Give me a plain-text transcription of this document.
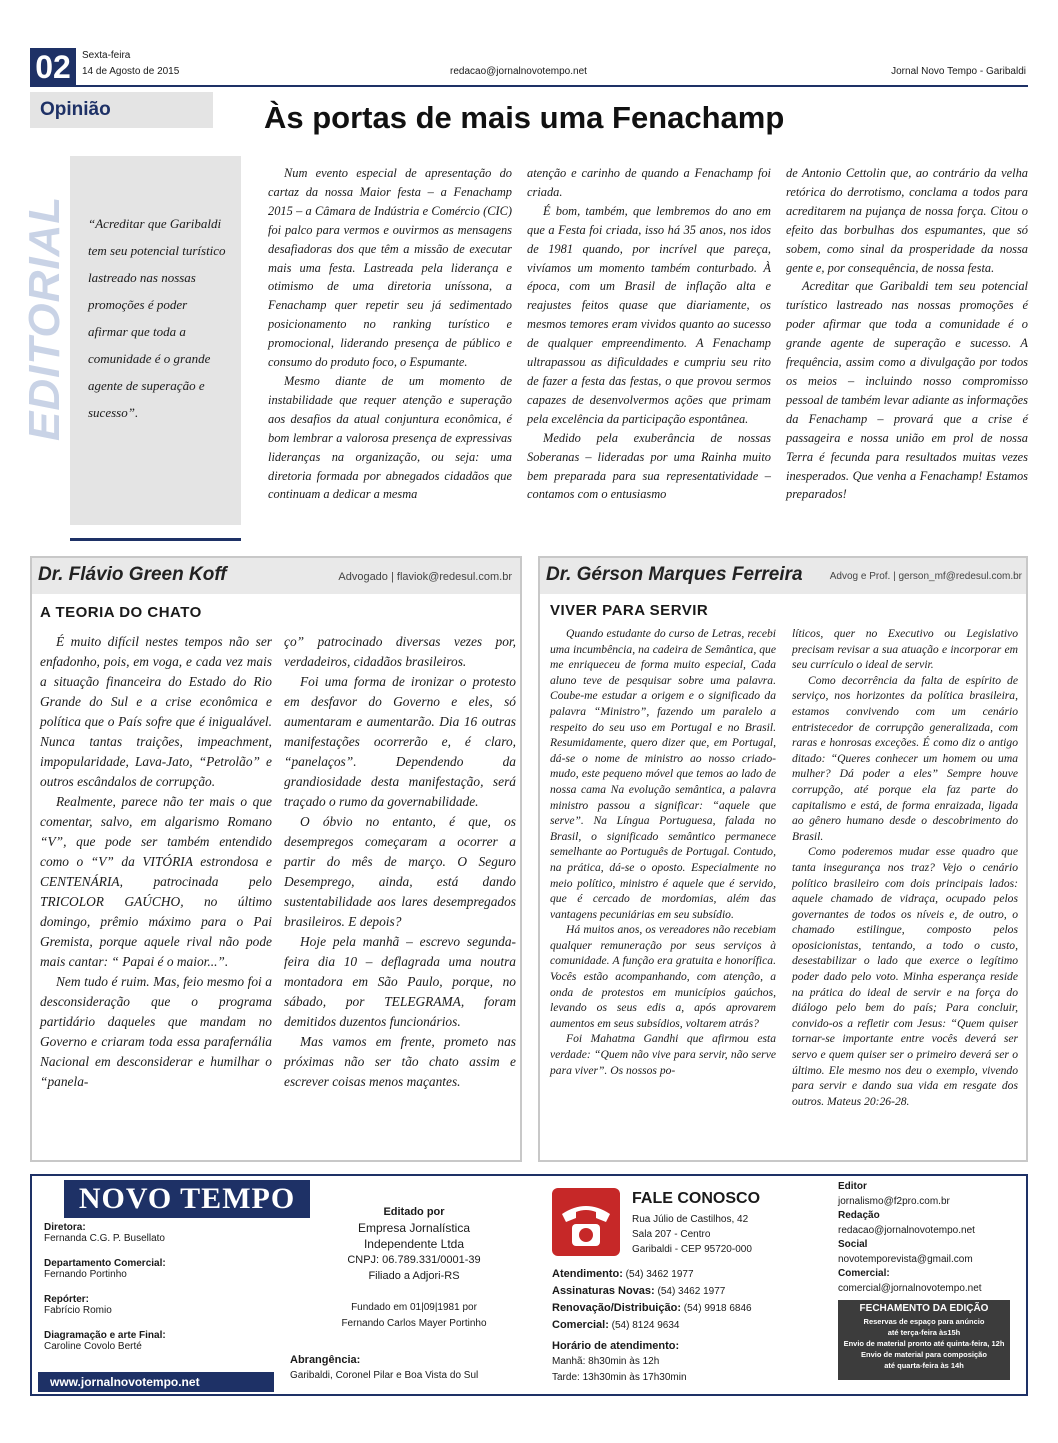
02	Sexta-feira
14 de Agosto de 2015	redacao@jornalnovotempo.net	Jornal Novo Tempo - Garibaldi
Opinião	Às portas de mais uma Fenachamp
EDITORIAL “Acreditar que Garibaldi tem seu potencial turístico lastreado nas nossas promoções é poder afirmar que toda a comunidade é o grande agente de superação e sucesso”.

Num evento especial de apresentação do cartaz da nossa Maior festa – a Fenachamp 2015 – a Câmara de Indústria e Comércio (CIC) foi palco para vermos e ouvirmos as mensagens desafiadoras dos que têm a missão de executar mais uma festa. Lastreada pela liderança e otimismo de uma diretoria uníssona, a Fenachamp quer repetir seu já sedimentado posicionamento no ranking turístico e promocional, liderando presença de público e consumo do produto foco, o Espumante.

Mesmo diante de um momento de instabilidade que requer atenção e superação aos desafios da atual conjuntura econômica, é bom lembrar a valorosa presença de expressivas lideranças na organização, ou seja: uma diretoria formada por abnegados cidadãos que continuam a dedicar a mesma

atenção e carinho de quando a Fenachamp foi criada.

É bom, também, que lembremos do ano em que a Festa foi criada, isso há 35 anos, nos idos de 1981 quando, por incrível que pareça, vivíamos um momento também conturbado. À época, com um Brasil de inflação alta e reajustes feitos quase que diariamente, os mesmos temores eram vividos quanto ao sucesso de qualquer empreendimento. A Fenachamp ultrapassou as dificuldades e cumpriu seu rito de fazer a festa das festas, o que provou sermos capazes de desenvolvermos ações que primam pela excelência da participação espontânea.

Medido pela exuberância de nossas Soberanas – lideradas por uma Rainha muito bem preparada para sua representatividade – contamos com o entusiasmo

de Antonio Cettolin que, ao contrário da velha retórica do derrotismo, conclama a todos para acreditarem na pujança de nossa força. Citou o efeito das borbulhas dos espumantes, que só sobem, como sinal da prosperidade da nossa gente e, por consequência, de nossa festa.

Acreditar que Garibaldi tem seu potencial turístico lastreado nas nossas promoções é poder afirmar que toda a comunidade é o grande agente de superação e sucesso. A frequência, assim como a divulgação por todos os meios – incluindo nosso compromisso pessoal de também levar adiante as informações da Fenachamp – provará que a crise é passageira e nossa união em prol de nossa Terra é fecunda para resultados muitas vezes inesperados. Que venha a Fenachamp! Estamos preparados!

Dr. Flávio Green Koff	Advogado | flaviok@redesul.com.br
A TEORIA DO CHATO

É muito difícil nestes tempos não ser enfadonho, pois, em voga, e cada vez mais a situação financeira do Estado do Rio Grande do Sul e a crise econômica e política que o País sofre que é inigualável. Nunca tantas traições, impeachment, impopularidade, Lava-Jato, “Petrolão” e outros escândalos de corrupção.

Realmente, parece não ter mais o que comentar, salvo, em algarismo Romano “V”, que pode ser também entendido como o “V” da VITÓRIA estrondosa e CENTENÁRIA, patrocinada pelo TRICOLOR GAÚCHO, no último domingo, prêmio máximo para o Pai Gremista, porque aquele rival não pode mais cantar: “ Papai é o maior...”.

Nem tudo é ruim. Mas, feio mesmo foi a desconsideração que o programa partidário daqueles que mandam no Governo e criaram toda essa parafernália Nacional em desconsiderar e humilhar o “panela-

ço” patrocinado diversas vezes por, verdadeiros, cidadãos brasileiros.

Foi uma forma de ironizar o protesto em desfavor do Governo e eles, só aumentaram e aumentarão. Dia 16 outras manifestações ocorrerão e, é claro, “panelaços”. Dependendo da grandiosidade desta manifestação, será traçado o rumo da governabilidade.

O óbvio no entanto, é que, os desempregos começaram a ocorrer a partir do mês de março. O Seguro Desemprego, ainda, está dando sustentabilidade aos lares desempregados brasileiros. E depois?

Hoje pela manhã – escrevo segunda-feira dia 10 – deflagrada uma noutra montadora em São Paulo, porque, no sábado, por TELEGRAMA, foram demitidos duzentos funcionários.

Mas vamos em frente, prometo nas próximas não ser tão chato assim e escrever coisas menos maçantes.

Dr. Gérson Marques Ferreira	Advog e Prof. | gerson_mf@redesul.com.br
VIVER PARA SERVIR

Quando estudante do curso de Letras, recebi uma incumbência, na cadeira de Semântica, que me enriqueceu de forma muito especial, Cada aluno teve de pesquisar sobre uma palavra. Coube-me estudar a origem e o significado da palavra “Ministro”, fazendo um paralelo a respeito do seu uso em Portugal e no Brasil. Resumidamente, quero dizer que, em Portugal, dá-se o nome de ministro ao nosso criado-mudo, este pequeno móvel que temos ao lado de nossa cama Na evolução semântica, a palavra ministro passou a significar: “aquele que serve”. Na Língua Portuguesa, falada no Brasil, o significado semântico permanece semelhante ao Português de Portugal. Contudo, na prática, dá-se o oposto. Especialmente no meio político, ministro é aquele que é servido, que é cercado de mordomias, além das vantagens pecuniárias em seu subsídio.

Há muitos anos, os vereadores não recebiam qualquer remuneração por seus serviços à comunidade. A função era gratuita e honorífica. Vocês estão acompanhando, com atenção, a onda de protestos em municípios gaúchos, levando os seus edis a, após aprovarem aumentos em seus subsídios, voltarem atrás?

Foi Mahatma Gandhi que afirmou esta verdade: “Quem não vive para servir, não serve para viver”. Os nossos po-

líticos, quer no Executivo ou Legislativo precisam revisar a sua atuação e incorporar em seu currículo o ideal de servir.

Como decorrência da falta de espírito de serviço, nos horizontes da política brasileira, estamos convivendo com um cenário entristecedor de corrupção generalizada, com raras e honrosas exceções. É como diz o antigo ditado: “Queres conhecer um homem ou uma mulher? Dá poder a eles” Sempre houve corrupção, até porque ela faz parte do capitalismo e está, de forma enraizada, ligada ao gênero humano desde o descobrimento do Brasil.

Como poderemos mudar esse quadro que tanta insegurança nos traz? Vejo o cenário político brasileiro com dois principais lados: aquele chamado de vidraça, ocupado pelos governantes de todos os níveis e, de outro, o chamado estilingue, composto pelos oposicionistas, tentando, a todo o custo, desestabilizar o lado que exerce o legítimo poder dado pelo voto. Minha esperança reside na prática do ideal de servir e na força do diálogo pelo bem do país; Para concluir, convido-os a refletir com Jesus: “Quem quiser tornar-se importante entre vocês deverá ser servo e quem quiser ser o primeiro deverá ser o último. Ele mesmo nos deu o exemplo, vivendo para servir e dando sua vida em resgate dos outros. Mateus 20:26-28.

NOVO TEMPO
Diretora:
Fernanda C.G. P. Busellato
Departamento Comercial:
Fernando Portinho
Repórter:
Fabrício Romio
Diagramação e arte Final:
Caroline Covolo Berté
www.jornalnovotempo.net
Editado por
Empresa Jornalística
Independente Ltda
CNPJ: 06.789.331/0001-39
Filiado a Adjori-RS
Fundado em 01|09|1981 por
Fernando Carlos Mayer Portinho
Abrangência:
Garibaldi, Coronel Pilar e Boa Vista do Sul
FALE CONOSCO
Rua Júlio de Castilhos, 42
Sala 207 - Centro
Garibaldi - CEP 95720-000
Atendimento: (54) 3462 1977
Assinaturas Novas: (54) 3462 1977
Renovação/Distribuição: (54) 9918 6846
Comercial: (54) 8124 9634
Horário de atendimento:
Manhã: 8h30min às 12h
Tarde: 13h30min às 17h30min
Editor
jornalismo@f2pro.com.br
Redação
redacao@jornalnovotempo.net
Social
novotemporevista@gmail.com
Comercial:
comercial@jornalnovotempo.net
FECHAMENTO DA EDIÇÃO
Reservas de espaço para anúncio
até terça-feira às15h
Envio de material pronto até quinta-feira, 12h
Envio de material para composição
até quarta-feira às 14h
